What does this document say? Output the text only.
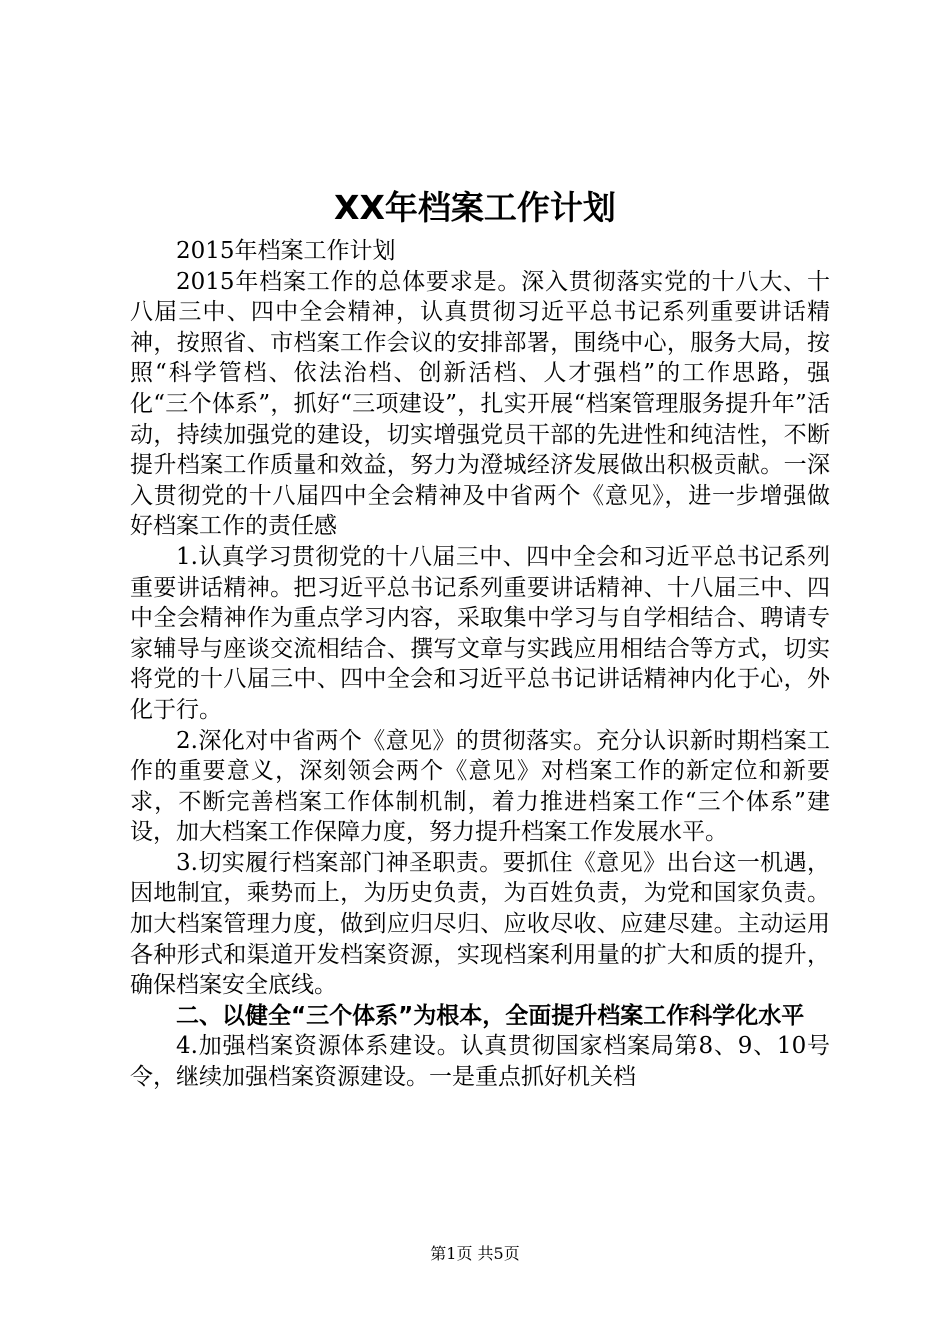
XX年档案工作计划

2015年档案工作计划

2015年档案工作的总体要求是。深入贯彻落实党的十八大、十八届三中、四中全会精神，认真贯彻习近平总书记系列重要讲话精神，按照省、市档案工作会议的安排部署，围绕中心，服务大局，按照“科学管档、依法治档、创新活档、人才强档”的工作思路，强化“三个体系”，抓好“三项建设”，扎实开展“档案管理服务提升年”活动，持续加强党的建设，切实增强党员干部的先进性和纯洁性，不断提升档案工作质量和效益，努力为澄城经济发展做出积极贡献。一深入贯彻党的十八届四中全会精神及中省两个《意见》，进一步增强做好档案工作的责任感

1.认真学习贯彻党的十八届三中、四中全会和习近平总书记系列重要讲话精神。把习近平总书记系列重要讲话精神、十八届三中、四中全会精神作为重点学习内容，采取集中学习与自学相结合、聘请专家辅导与座谈交流相结合、撰写文章与实践应用相结合等方式，切实将党的十八届三中、四中全会和习近平总书记讲话精神内化于心，外化于行。

2.深化对中省两个《意见》的贯彻落实。充分认识新时期档案工作的重要意义，深刻领会两个《意见》对档案工作的新定位和新要求，不断完善档案工作体制机制，着力推进档案工作“三个体系”建设，加大档案工作保障力度，努力提升档案工作发展水平。

3.切实履行档案部门神圣职责。要抓住《意见》出台这一机遇，因地制宜，乘势而上，为历史负责，为百姓负责，为党和国家负责。加大档案管理力度，做到应归尽归、应收尽收、应建尽建。主动运用各种形式和渠道开发档案资源，实现档案利用量的扩大和质的提升，确保档案安全底线。

二、以健全“三个体系”为根本，全面提升档案工作科学化水平

4.加强档案资源体系建设。认真贯彻国家档案局第8、9、10号令，继续加强档案资源建设。一是重点抓好机关档

第1页 共5页
